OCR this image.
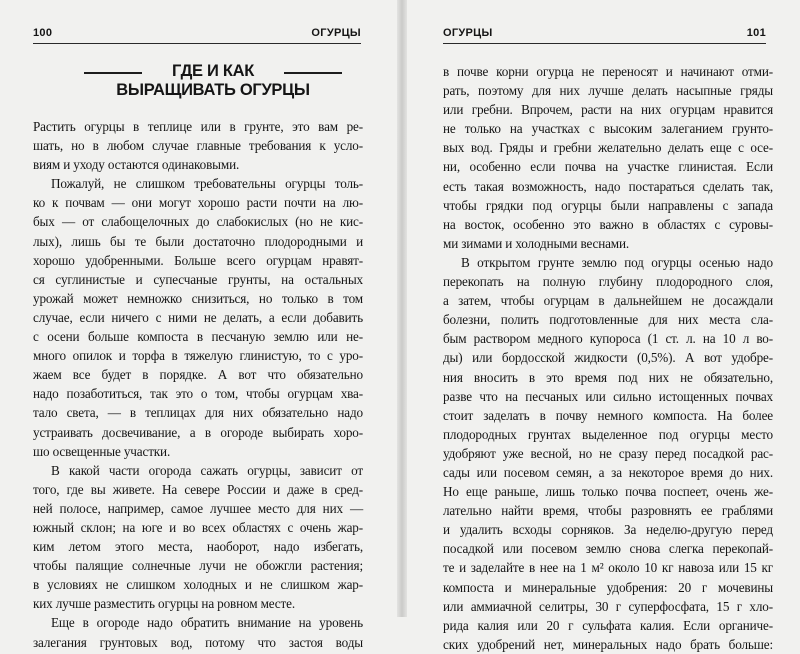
100	ОГУРЦЫ
ГДЕ И КАК
ВЫРАЩИВАТЬ ОГУРЦЫ
Растить огурцы в теплице или в грунте, это вам ре-
шать, но в любом случае главные требования к усло-
виям и уходу остаются одинаковыми.
Пожалуй, не слишком требовательны огурцы толь-
ко к почвам — они могут хорошо расти почти на лю-
бых — от слабощелочных до слабокислых (но не кис-
лых), лишь бы те были достаточно плодородными и
хорошо удобренными. Больше всего огурцам нравят-
ся суглинистые и супесчаные грунты, на остальных
урожай может немножко снизиться, но только в том
случае, если ничего с ними не делать, а если добавить
с осени больше компоста в песчаную землю или не-
много опилок и торфа в тяжелую глинистую, то с уро-
жаем все будет в порядке. А вот что обязательно
надо позаботиться, так это о том, чтобы огурцам хва-
тало света, — в теплицах для них обязательно надо
устраивать досвечивание, а в огороде выбирать хоро-
шо освещенные участки.
В какой части огорода сажать огурцы, зависит от
того, где вы живете. На севере России и даже в сред-
ней полосе, например, самое лучшее место для них —
южный склон; на юге и во всех областях с очень жар-
ким летом этого места, наоборот, надо избегать,
чтобы палящие солнечные лучи не обожгли растения;
в условиях не слишком холодных и не слишком жар-
ких лучше разместить огурцы на ровном месте.
Еще в огороде надо обратить внимание на уровень
залегания грунтовых вод, потому что застоя воды
ОГУРЦЫ	101
в почве корни огурца не переносят и начинают отми-
рать, поэтому для них лучше делать насыпные гряды
или гребни. Впрочем, расти на них огурцам нравится
не только на участках с высоким залеганием грунто-
вых вод. Гряды и гребни желательно делать еще с осе-
ни, особенно если почва на участке глинистая. Если
есть такая возможность, надо постараться сделать так,
чтобы грядки под огурцы были направлены с запада
на восток, особенно это важно в областях с суровы-
ми зимами и холодными веснами.
В открытом грунте землю под огурцы осенью надо
перекопать на полную глубину плодородного слоя,
а затем, чтобы огурцам в дальнейшем не досаждали
болезни, полить подготовленные для них места сла-
бым раствором медного купороса (1 ст. л. на 10 л во-
ды) или бордосской жидкости (0,5%). А вот удобре-
ния вносить в это время под них не обязательно,
разве что на песчаных или сильно истощенных почвах
стоит заделать в почву немного компоста. На более
плодородных грунтах выделенное под огурцы место
удобряют уже весной, но не сразу перед посадкой рас-
сады или посевом семян, а за некоторое время до них.
Но еще раньше, лишь только почва поспеет, очень же-
лательно найти время, чтобы разровнять ее граблями
и удалить всходы сорняков. За неделю-другую перед
посадкой или посевом землю снова слегка перекопай-
те и заделайте в нее на 1 м² около 10 кг навоза или 15 кг
компоста и минеральные удобрения: 20 г мочевины
или аммиачной селитры, 30 г суперфосфата, 15 г хло-
рида калия или 20 г сульфата калия. Если органиче-
ских удобрений нет, минеральных надо брать больше:
